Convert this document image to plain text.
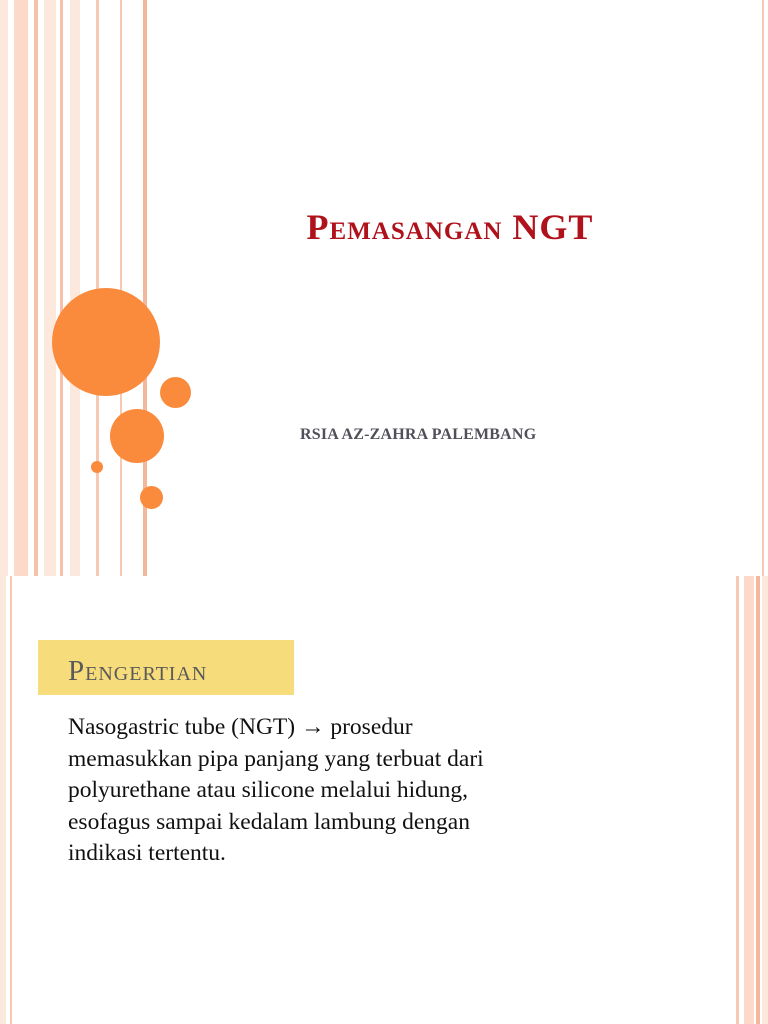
Pemasangan NGT
RSIA AZ-ZAHRA PALEMBANG
Pengertian

Nasogastric tube (NGT) → prosedur

memasukkan pipa panjang yang terbuat dari

polyurethane atau silicone melalui hidung,

esofagus sampai kedalam lambung dengan

indikasi tertentu.
